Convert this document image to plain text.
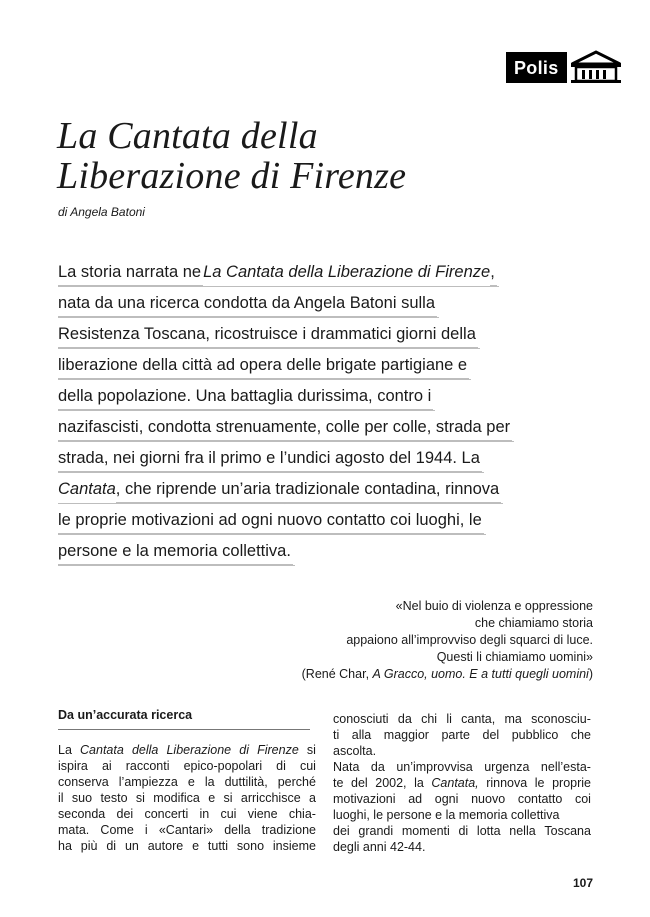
Polis
La Cantata della
Liberazione di Firenze
di Angela Batoni
La storia narrata neLa Cantata della Liberazione di Firenze,
nata da una ricerca condotta da Angela Batoni sulla
Resistenza Toscana, ricostruisce i drammatici giorni della
liberazione della città ad opera delle brigate partigiane e
della popolazione. Una battaglia durissima, contro i
nazifascisti, condotta strenuamente, colle per colle, strada per
strada, nei giorni fra il primo e l’undici agosto del 1944. La
Cantata, che riprende un’aria tradizionale contadina, rinnova
le proprie motivazioni ad ogni nuovo contatto coi luoghi, le
persone e la memoria collettiva.
«Nel buio di violenza e oppressione
che chiamiamo storia
appaiono all’improvviso degli squarci di luce.
Questi li chiamiamo uomini»
(René Char, A Gracco, uomo. E a tutti quegli uomini)
Da un’accurata ricerca
La Cantata della Liberazione di Firenze si
ispira ai racconti epico-popolari di cui
conserva l’ampiezza e la duttilità, perché
il suo testo si modifica e si arricchisce a
seconda dei concerti in cui viene chia-
mata. Come i «Cantari» della tradizione
ha più di un autore e tutti sono insieme
conosciuti da chi li canta, ma sconosciu-
ti alla maggior parte del pubblico che
ascolta.
Nata da un’improvvisa urgenza nell’esta-
te del 2002, la Cantata, rinnova le proprie
motivazioni ad ogni nuovo contatto coi
luoghi, le persone e la memoria collettiva
dei grandi momenti di lotta nella Toscana
degli anni 42-44.
107
